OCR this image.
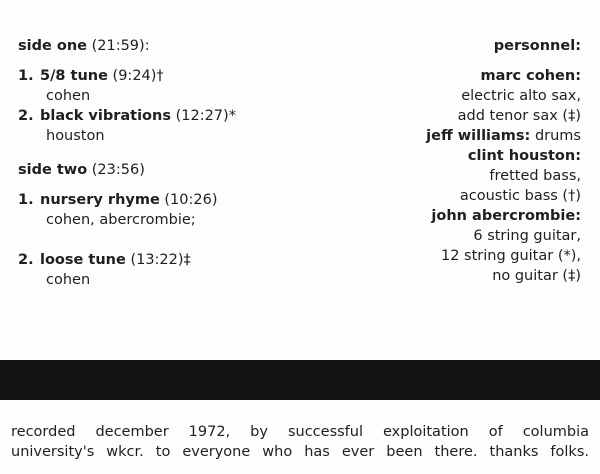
side one (21:59):
1. 5/8 tune (9:24)†
cohen
2. black vibrations (12:27)*
houston
side two (23:56)
1. nursery rhyme (10:26)
cohen, abercrombie;
2. loose tune (13:22)‡
cohen
personnel:
marc cohen:
electric alto sax,
add tenor sax (‡)
jeff williams: drums
clint houston:
fretted bass,
acoustic bass (†)
john abercrombie:
6 string guitar,
12 string guitar (*),
no guitar (‡)
recorded december 1972, by successful exploitation of columbia
university's wkcr. to everyone who has ever been there. thanks folks.
